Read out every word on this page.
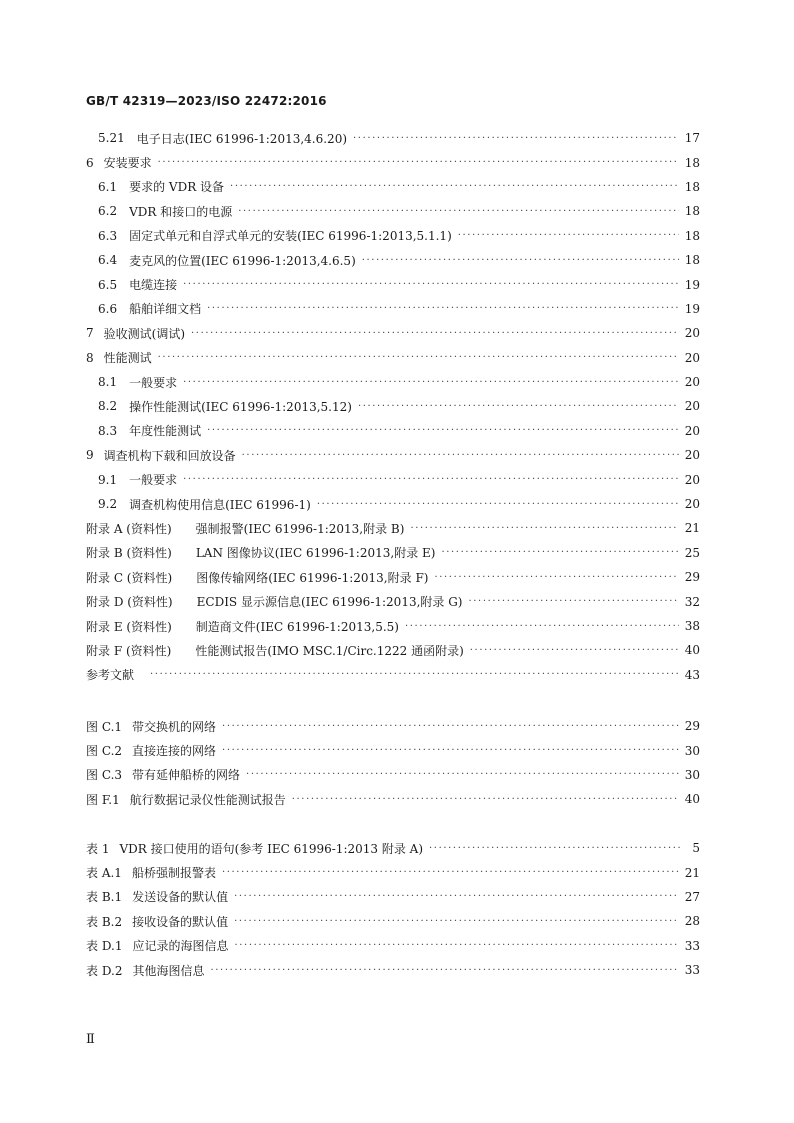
GB/T 42319—2023/ISO 22472:2016
5.21 电子日志(IEC 61996-1:2013,4.6.20) ·····	17
6 安装要求 ·····	18
6.1 要求的 VDR 设备 ·····	18
6.2 VDR 和接口的电源 ·····	18
6.3 固定式单元和自浮式单元的安装(IEC 61996-1:2013,5.1.1) ·····	18
6.4 麦克风的位置(IEC 61996-1:2013,4.6.5) ·····	18
6.5 电缆连接 ·····	19
6.6 船舶详细文档 ·····	19
7 验收测试(调试) ·····	20
8 性能测试 ·····	20
8.1 一般要求 ·····	20
8.2 操作性能测试(IEC 61996-1:2013,5.12) ·····	20
8.3 年度性能测试 ·····	20
9 调查机构下载和回放设备 ·····	20
9.1 一般要求 ·····	20
9.2 调查机构使用信息(IEC 61996-1) ·····	20
附录 A (资料性) 强制报警(IEC 61996-1:2013,附录 B) ·····	21
附录 B (资料性) LAN 图像协议(IEC 61996-1:2013,附录 E) ·····	25
附录 C (资料性) 图像传输网络(IEC 61996-1:2013,附录 F) ·····	29
附录 D (资料性) ECDIS 显示源信息(IEC 61996-1:2013,附录 G) ·····	32
附录 E (资料性) 制造商文件(IEC 61996-1:2013,5.5) ·····	38
附录 F (资料性) 性能测试报告(IMO MSC.1/Circ.1222 通函附录) ·····	40
参考文献 ·····	43
图 C.1 带交换机的网络 ·····	29
图 C.2 直接连接的网络 ·····	30
图 C.3 带有延伸船桥的网络 ·····	30
图 F.1 航行数据记录仪性能测试报告 ·····	40
表 1 VDR 接口使用的语句(参考 IEC 61996-1:2013 附录 A) ·····	5
表 A.1 船桥强制报警表 ·····	21
表 B.1 发送设备的默认值 ·····	27
表 B.2 接收设备的默认值 ·····	28
表 D.1 应记录的海图信息 ·····	33
表 D.2 其他海图信息 ·····	33
Ⅱ
